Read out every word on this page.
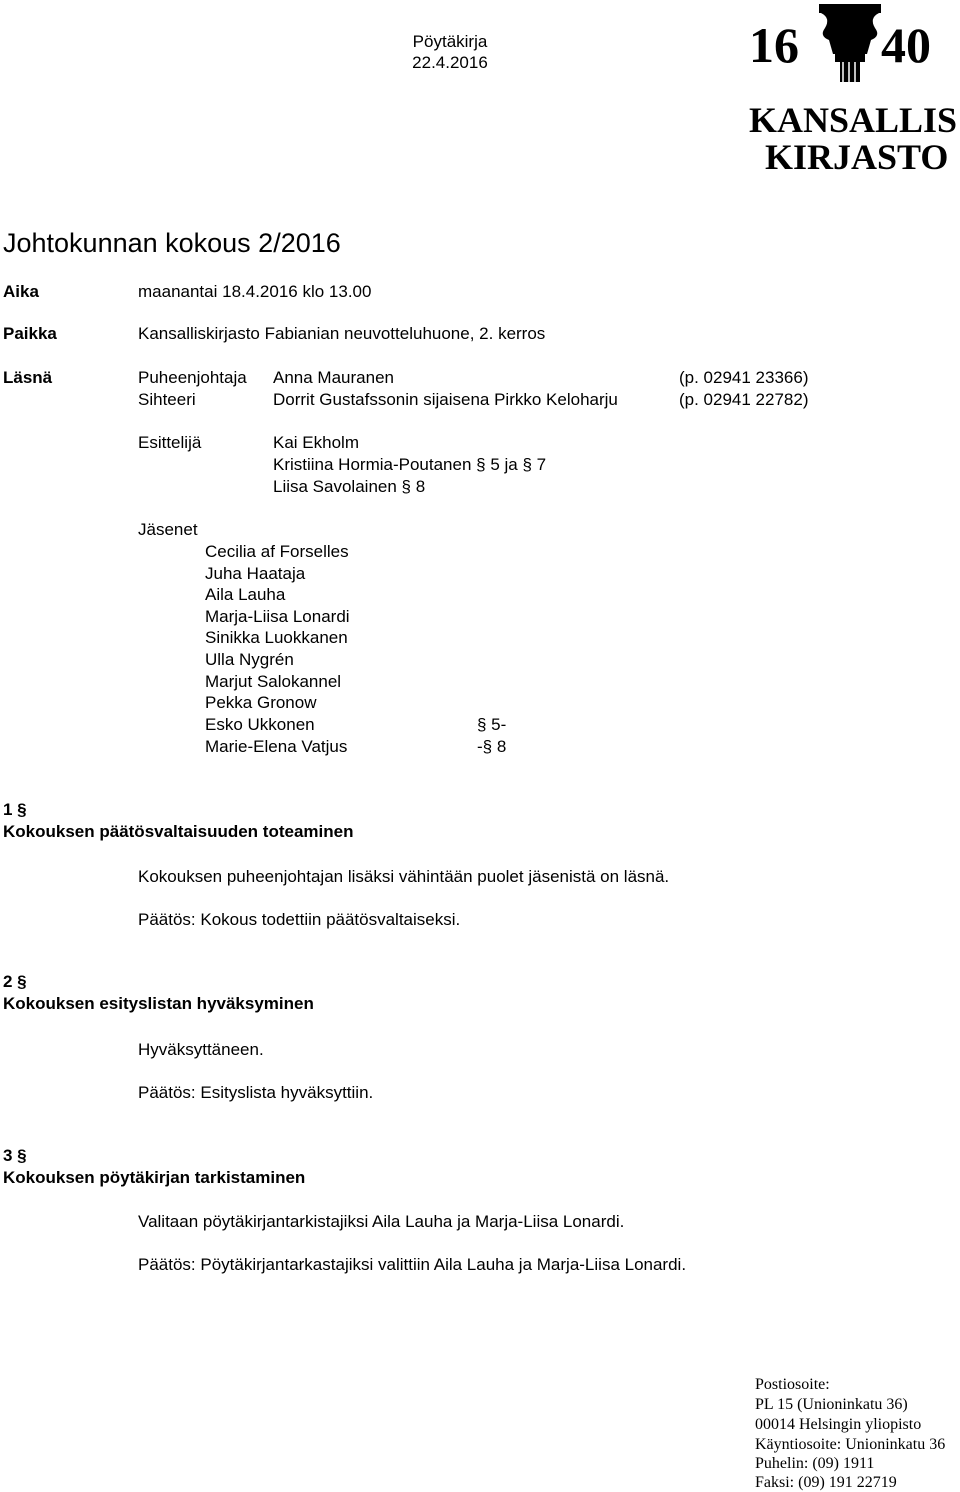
Pöytäkirja
22.4.2016	16 40
KANSALLIS
KIRJASTO
Johtokunnan kokous 2/2016
Aika	maanantai 18.4.2016 klo 13.00
Paikka	Kansalliskirjasto Fabianian neuvotteluhuone, 2. kerros
Läsnä	Puheenjohtaja Anna Mauranen	(p. 02941 23366)
Sihteeri	Dorrit Gustafssonin sijaisena Pirkko Keloharju	(p. 02941 22782)
Esittelijä	Kai Ekholm
Kristiina Hormia-Poutanen § 5 ja § 7
Liisa Savolainen § 8
Jäsenet
Cecilia af Forselles
Juha Haataja
Aila Lauha
Marja-Liisa Lonardi
Sinikka Luokkanen
Ulla Nygrén
Marjut Salokannel
Pekka Gronow
Esko Ukkonen	§ 5-
Marie-Elena Vatjus	-§ 8
1 §
Kokouksen päätösvaltaisuuden toteaminen
Kokouksen puheenjohtajan lisäksi vähintään puolet jäsenistä on läsnä.
Päätös: Kokous todettiin päätösvaltaiseksi.
2 §
Kokouksen esityslistan hyväksyminen
Hyväksyttäneen.
Päätös: Esityslista hyväksyttiin.
3 §
Kokouksen pöytäkirjan tarkistaminen
Valitaan pöytäkirjantarkistajiksi Aila Lauha ja Marja-Liisa Lonardi.
Päätös: Pöytäkirjantarkastajiksi valittiin Aila Lauha ja Marja-Liisa Lonardi.
Postiosoite:
PL 15 (Unioninkatu 36)
00014 Helsingin yliopisto
Käyntiosoite: Unioninkatu 36
Puhelin: (09) 1911
Faksi: (09) 191 22719
